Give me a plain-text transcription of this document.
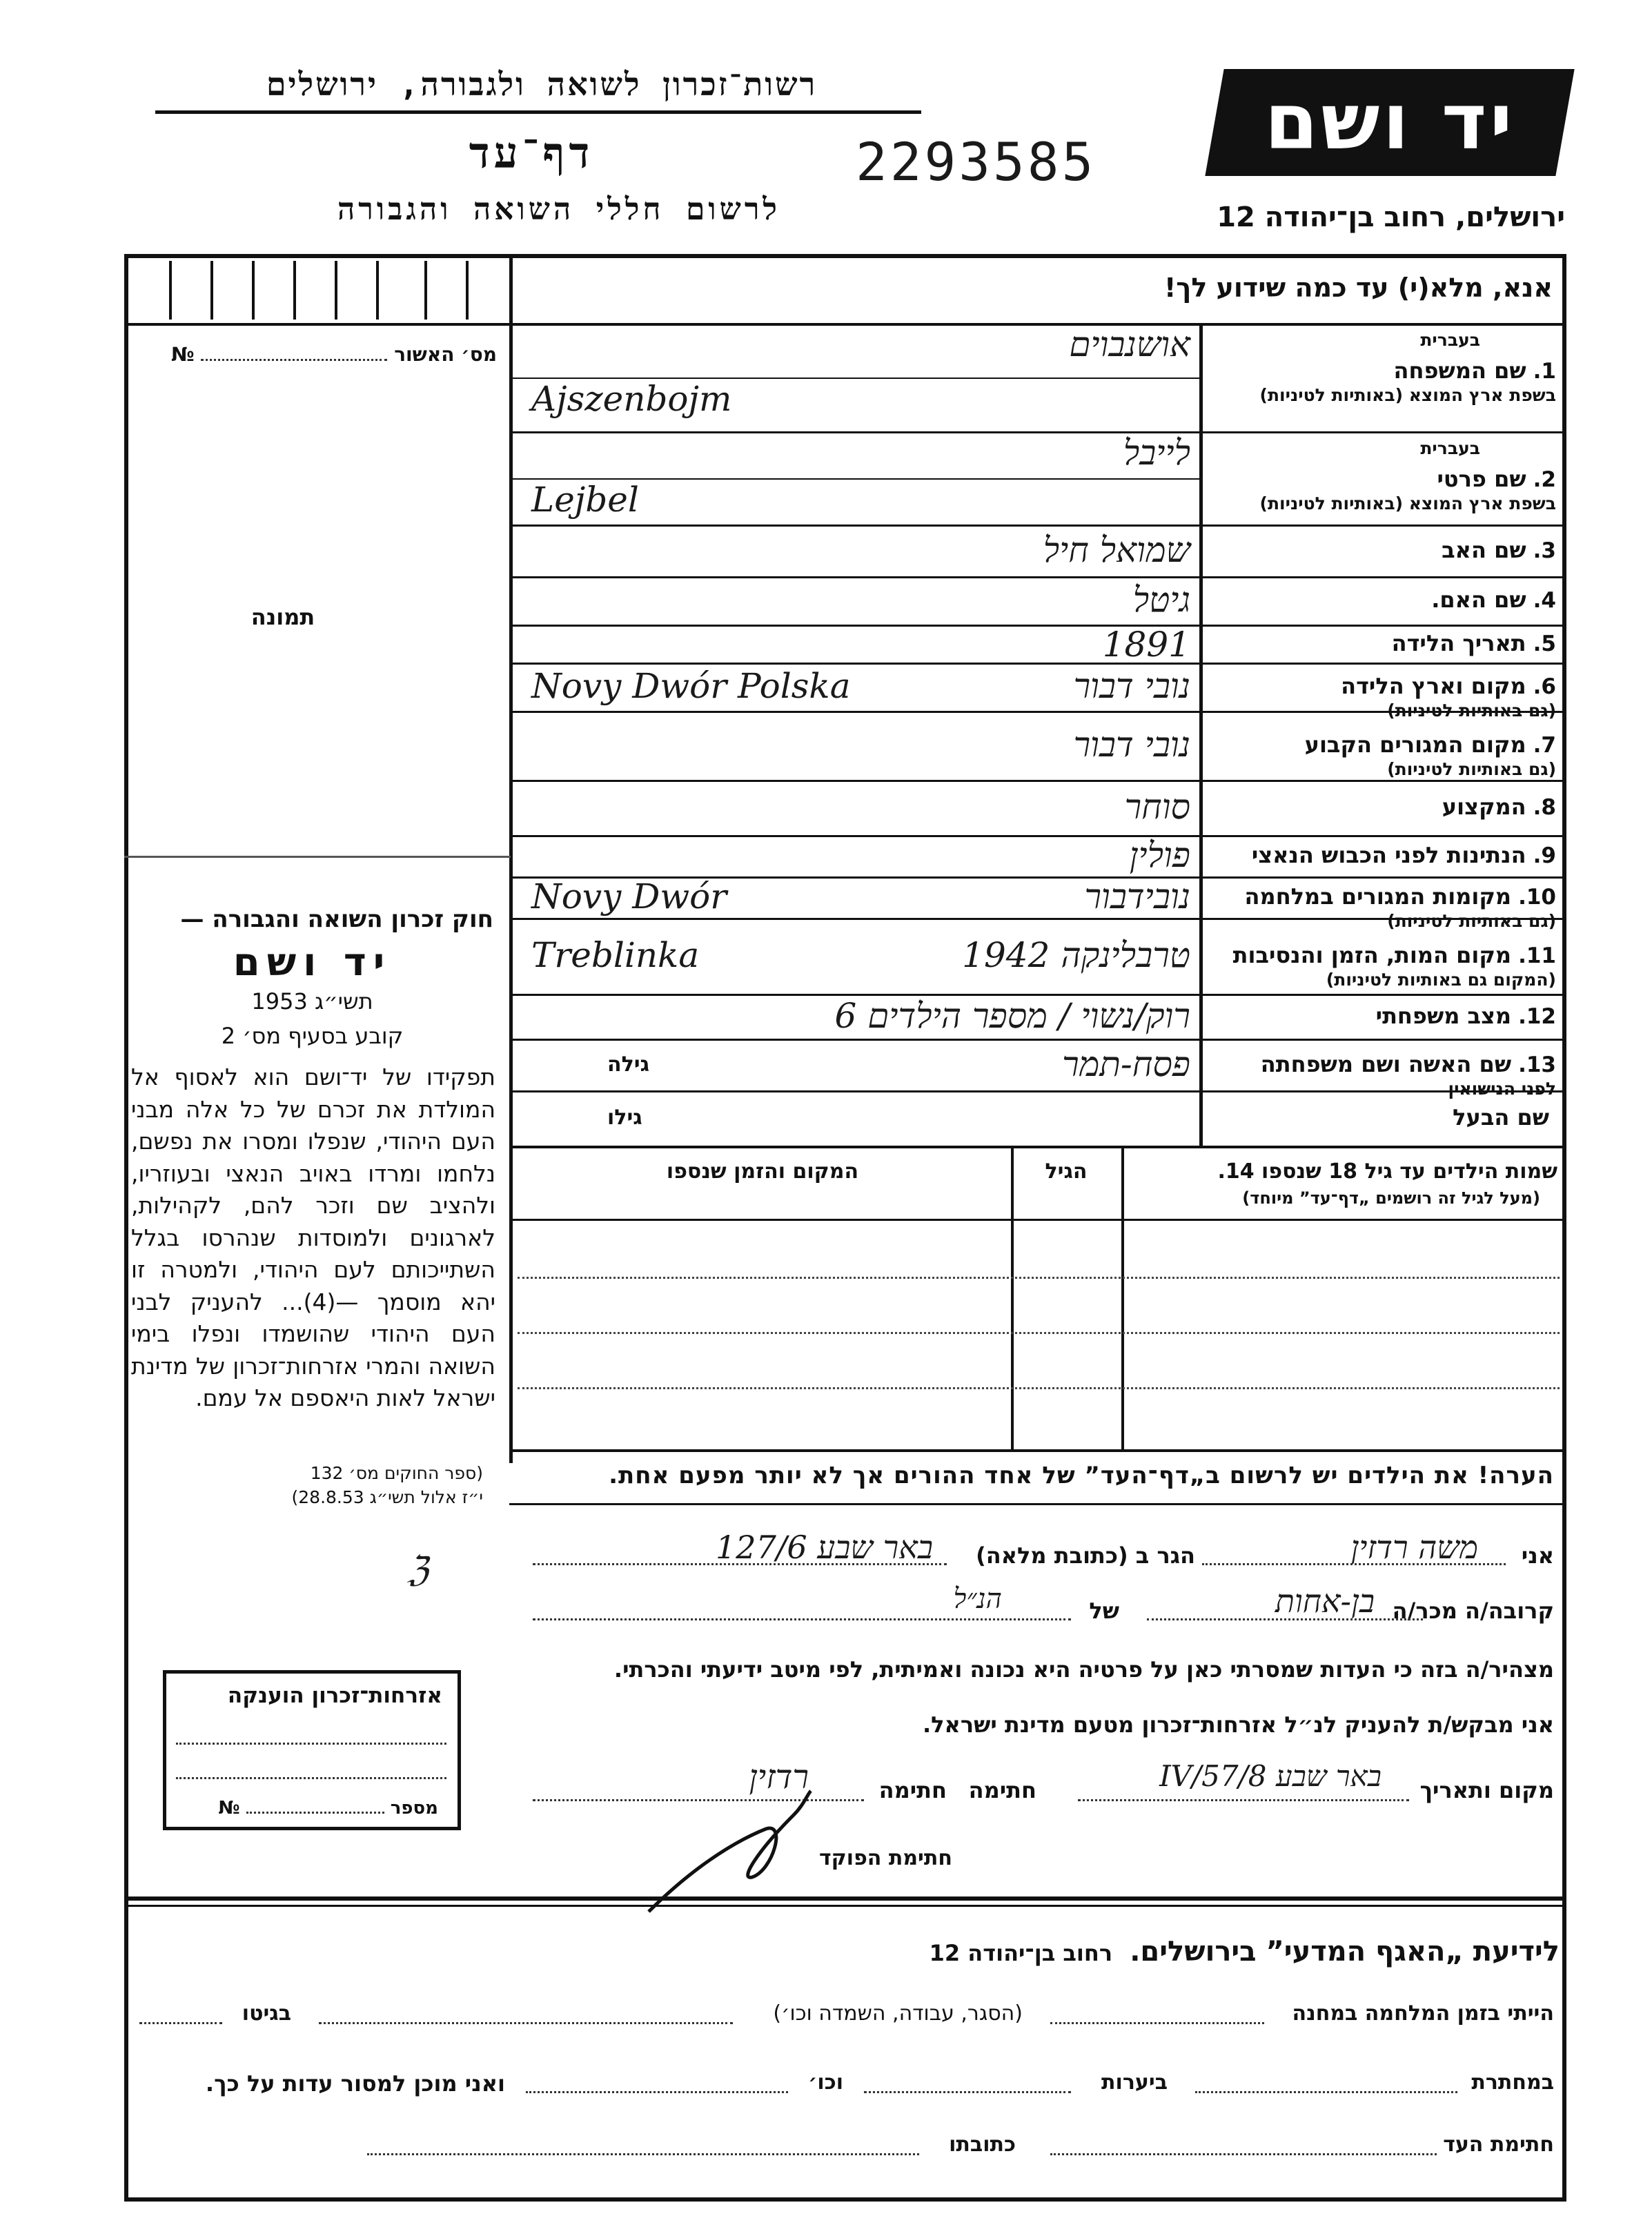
רשות־זכרון לשואה ולגבורה, ירושלים
דף־עד	2293585
לרשום חללי השואה והגבורה
יד ושם
ירושלים, רחוב בן־יהודה 12
אנא, מלא(י) עד כמה שידוע לך!
מס׳ האשור  №
תמונה
חוק זכרון השואה והגבורה —
יד ושם
תשי״ג 1953
קובע בסעיף מס׳ 2
תפקידו של יד־ושם הוא לאסוף אל המולדת את זכרם של כל אלה מבני העם היהודי, שנפלו ומסרו את נפשם, נלחמו ומרדו באויב הנאצי ובעוזריו, ולהציב שם וזכר להם, לקהילות, לארגונים ולמוסדות שנהרסו בגלל השתייכותם לעם היהודי, ולמטרה זו יהא מוסמך —(4)... להעניק לבני העם היהודי שהושמדו ונפלו בימי השואה והמרי אזרחות־זכרון של מדינת ישראל לאות היאספם אל עמם.
(ספר החוקים מס׳ 132
י״ז אלול תשי״ג 28.8.53)
ℨ
אזרחות־זכרון הוענקה
מספר  №
בעברית
1.שם המשפחה
בשפת ארץ המוצא (באותיות לטיניות)
אושנבוים
Ajszenbojm
בעברית
2.שם פרטי
בשפת ארץ המוצא (באותיות לטיניות)
לייבל
Lejbel
3.שם האב
שמואל חיל
4.שם האם.
גיטל
5.תאריך הלידה
1891
6.מקום וארץ הלידה
(גם באותיות לטיניות)
נובי דבור
Novy Dwór Polska
7.מקום המגורים הקבוע
(גם באותיות לטיניות)
נובי דבור
8.המקצוע
סוחר
9.הנתינות לפני הכבוש הנאצי
פולין
10.מקומות המגורים במלחמה
(גם באותיות לטיניות)
נובידבור
Novy Dwór
11.מקום המות, הזמן והנסיבות
(המקום גם באותיות לטיניות)
טרבלינקה 1942
Treblinka
12.מצב משפחתי
רוק/נשוי / מספר הילדים 6
13.שם האשה ושם משפחתה
לפני הנישואין
פסח-תמר
גילה
שם הבעל
גילו
שמות הילדים עד גיל 18 שנספו 14.
(מעל לגיל זה רושמים „דף־עד” מיוחד)
הגיל
המקום והזמן שנספו
הערה! את הילדים יש לרשום ב„דף־העד” של אחד ההורים אך לא יותר מפעם אחת.
אני
משה רדזין
הגר ב (כתובת מלאה)
באר שבע 127/6
קרובה/ה מכר/ה
בן-אחות
של
הנ״ל
מצהיר/ה בזה כי העדות שמסרתי כאן על פרטיה היא נכונה ואמיתית, לפי מיטב ידיעתי והכרתי.
אני מבקש/ת להעניק לנ״ל אזרחות־זכרון מטעם מדינת ישראל.
מקום ותאריך
באר שבע 8/IV/57
חתימה
חתימה
רדזין
חתימת הפוקד
לידיעת „האגף המדעי” בירושלים. רחוב בן־יהודה 12
הייתי בזמן המלחמה במחנה
(הסגר, עבודה, השמדה וכו׳)
בגיטו
במחתרת
ביערות
וכו׳
ואני מוכן למסור עדות על כך.
חתימת העד
כתובתו
